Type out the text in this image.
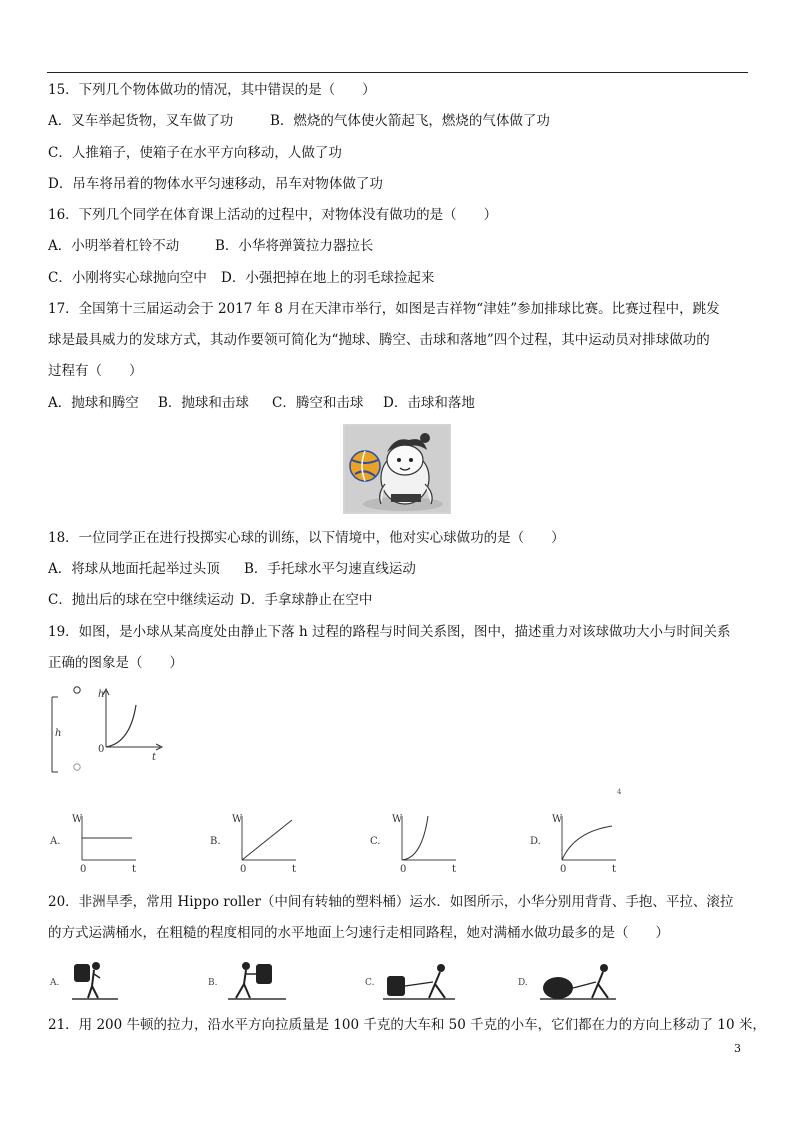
15．下列几个物体做功的情况，其中错误的是（　　）
A．叉车举起货物，叉车做了功	B．燃烧的气体使火箭起飞，燃烧的气体做了功
C．人推箱子，使箱子在水平方向移动，人做了功
D．吊车将吊着的物体水平匀速移动，吊车对物体做了功
16．下列几个同学在体育课上活动的过程中，对物体没有做功的是（　　）
A．小明举着杠铃不动	B．小华将弹簧拉力器拉长
C．小刚将实心球抛向空中 D．小强把掉在地上的羽毛球捡起来
17．全国第十三届运动会于 2017 年 8 月在天津市举行，如图是吉祥物“津娃”参加排球比赛。比赛过程中，跳发
球是最具威力的发球方式，其动作要领可简化为“抛球、腾空、击球和落地”四个过程，其中运动员对排球做功的
过程有（　　）
A．抛球和腾空 B．抛球和击球 C．腾空和击球 D．击球和落地
18．一位同学正在进行投掷实心球的训练，以下情境中，他对实心球做功的是（　　）
A．将球从地面托起举过头顶 B．手托球水平匀速直线运动
C．抛出后的球在空中继续运动 D．手拿球静止在空中
19．如图，是小球从某高度处由静止下落 h 过程的路程与时间关系图，图中，描述重力对该球做功大小与时间关系
正确的图象是（　　）
h
h
0
t
4
A.
W
0	t
B.
W
0	t
C.
W
0	t
D.
W
0	t
20．非洲旱季，常用 Hippo roller（中间有转轴的塑料桶）运水．如图所示，小华分别用背背、手抱、平拉、滚拉
的方式运满桶水，在粗糙的程度相同的水平地面上匀速行走相同路程，她对满桶水做功最多的是（　　）
A.	B.	C.	D.
21．用 200 牛顿的拉力，沿水平方向拉质量是 100 千克的大车和 50 千克的小车，它们都在力的方向上移动了 10 米，
3
